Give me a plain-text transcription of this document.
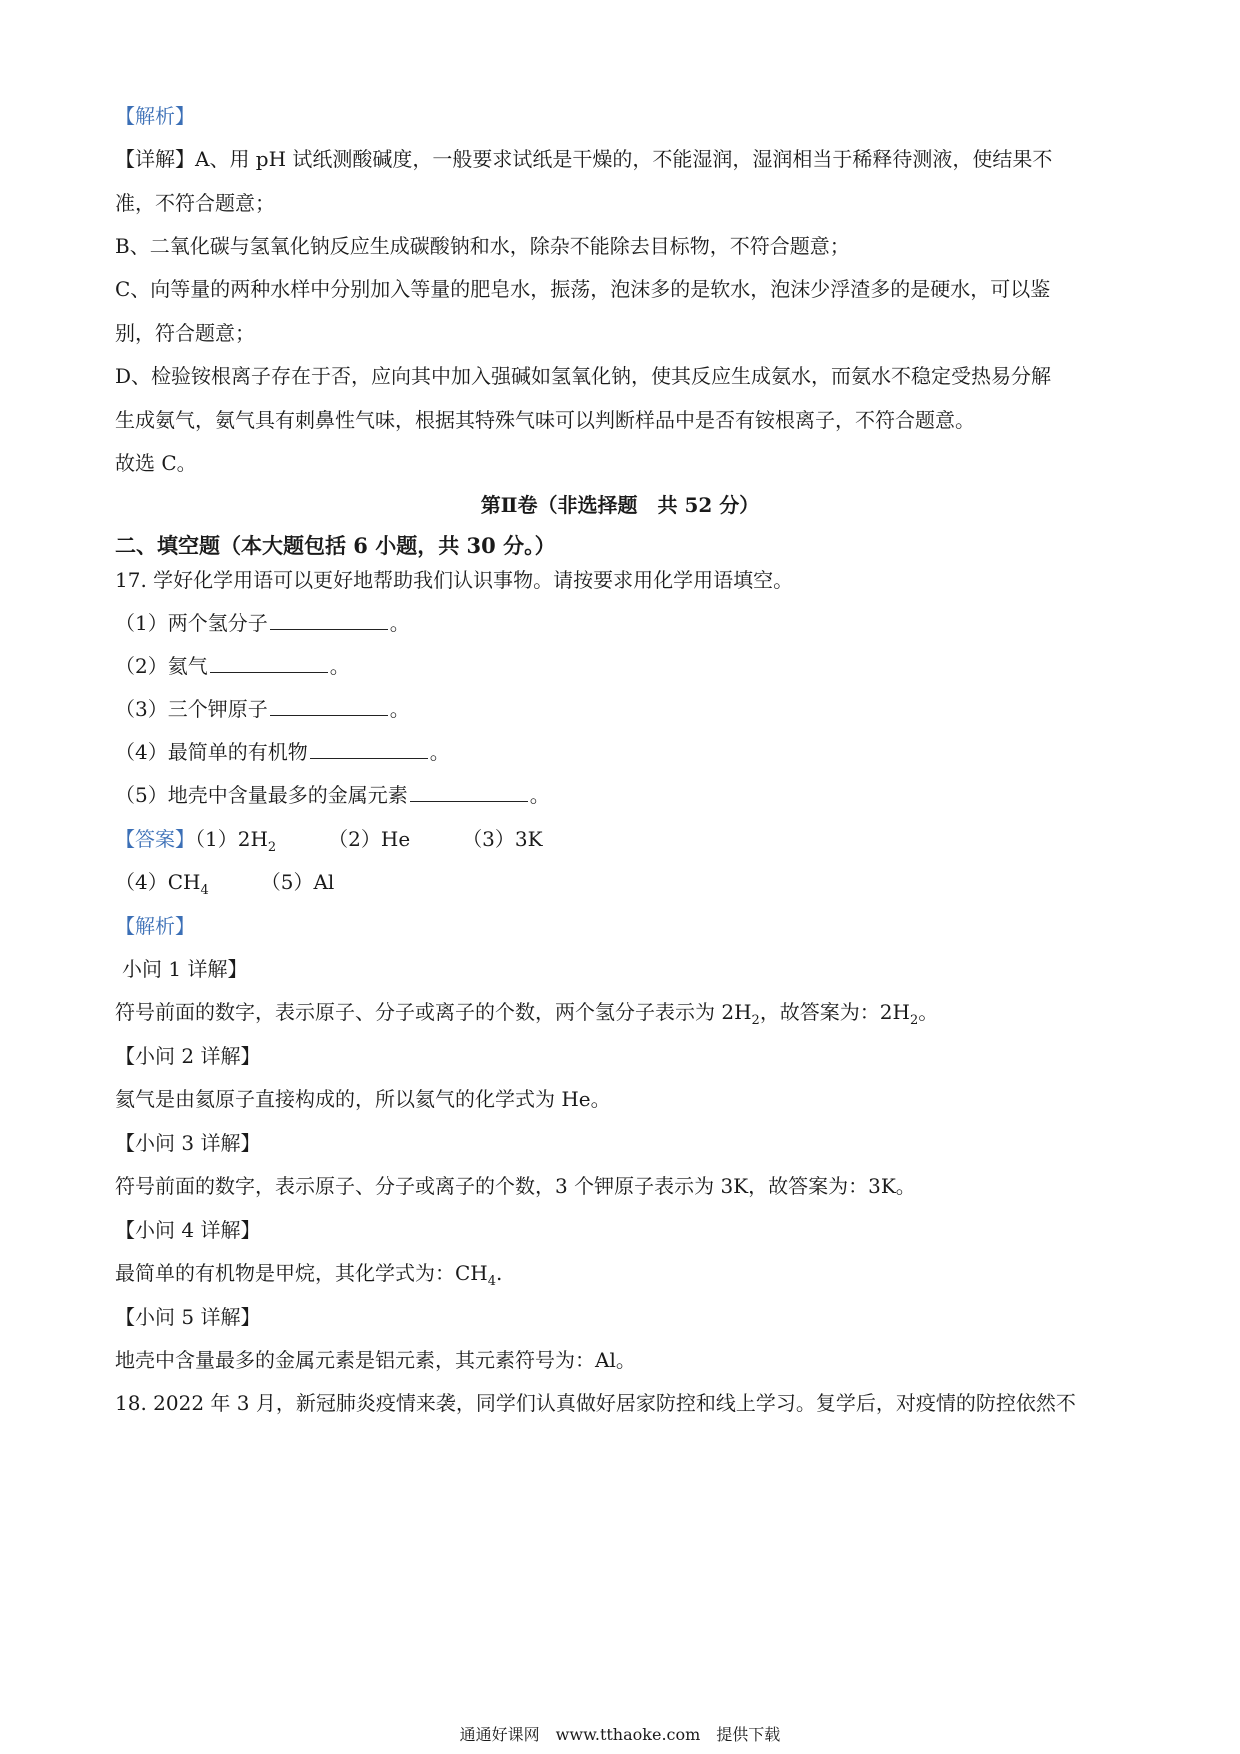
【解析】
【详解】A、用 pH 试纸测酸碱度，一般要求试纸是干燥的，不能湿润，湿润相当于稀释待测液，使结果不
准，不符合题意；
B、二氧化碳与氢氧化钠反应生成碳酸钠和水，除杂不能除去目标物，不符合题意；
C、向等量的两种水样中分别加入等量的肥皂水，振荡，泡沫多的是软水，泡沫少浮渣多的是硬水，可以鉴
别，符合题意；
D、检验铵根离子存在于否，应向其中加入强碱如氢氧化钠，使其反应生成氨水，而氨水不稳定受热易分解
生成氨气，氨气具有刺鼻性气味，根据其特殊气味可以判断样品中是否有铵根离子，不符合题意。
故选 C。
第Ⅱ卷（非选择题　共 52 分）
二、填空题（本大题包括 6 小题，共 30 分。）
17. 学好化学用语可以更好地帮助我们认识事物。请按要求用化学用语填空。
（1）两个氢分子	。
（2）氦气	。
（3）三个钾原子	。
（4）最简单的有机物	。
（5）地壳中含量最多的金属元素	。
【答案】$(1)2H_2$	（2）He	（3）3K
$(4)CH_4$	（5）Al
【解析】
小问 1 详解】
符号前面的数字，表示原子、分子或离子的个数，两个氢分子表示为 $2H_2$，故答案为：$2H_2$。
【小问 2 详解】
氦气是由氦原子直接构成的，所以氦气的化学式为 He。
【小问 3 详解】
符号前面的数字，表示原子、分子或离子的个数，3 个钾原子表示为 3K，故答案为：3K。
【小问 4 详解】
最简单的有机物是甲烷，其化学式为：$CH_4$.
【小问 5 详解】
地壳中含量最多的金属元素是铝元素，其元素符号为：Al。
18. 2022 年 3 月，新冠肺炎疫情来袭，同学们认真做好居家防控和线上学习。复学后，对疫情的防控依然不
通通好课网　www.tthaoke.com　提供下载
